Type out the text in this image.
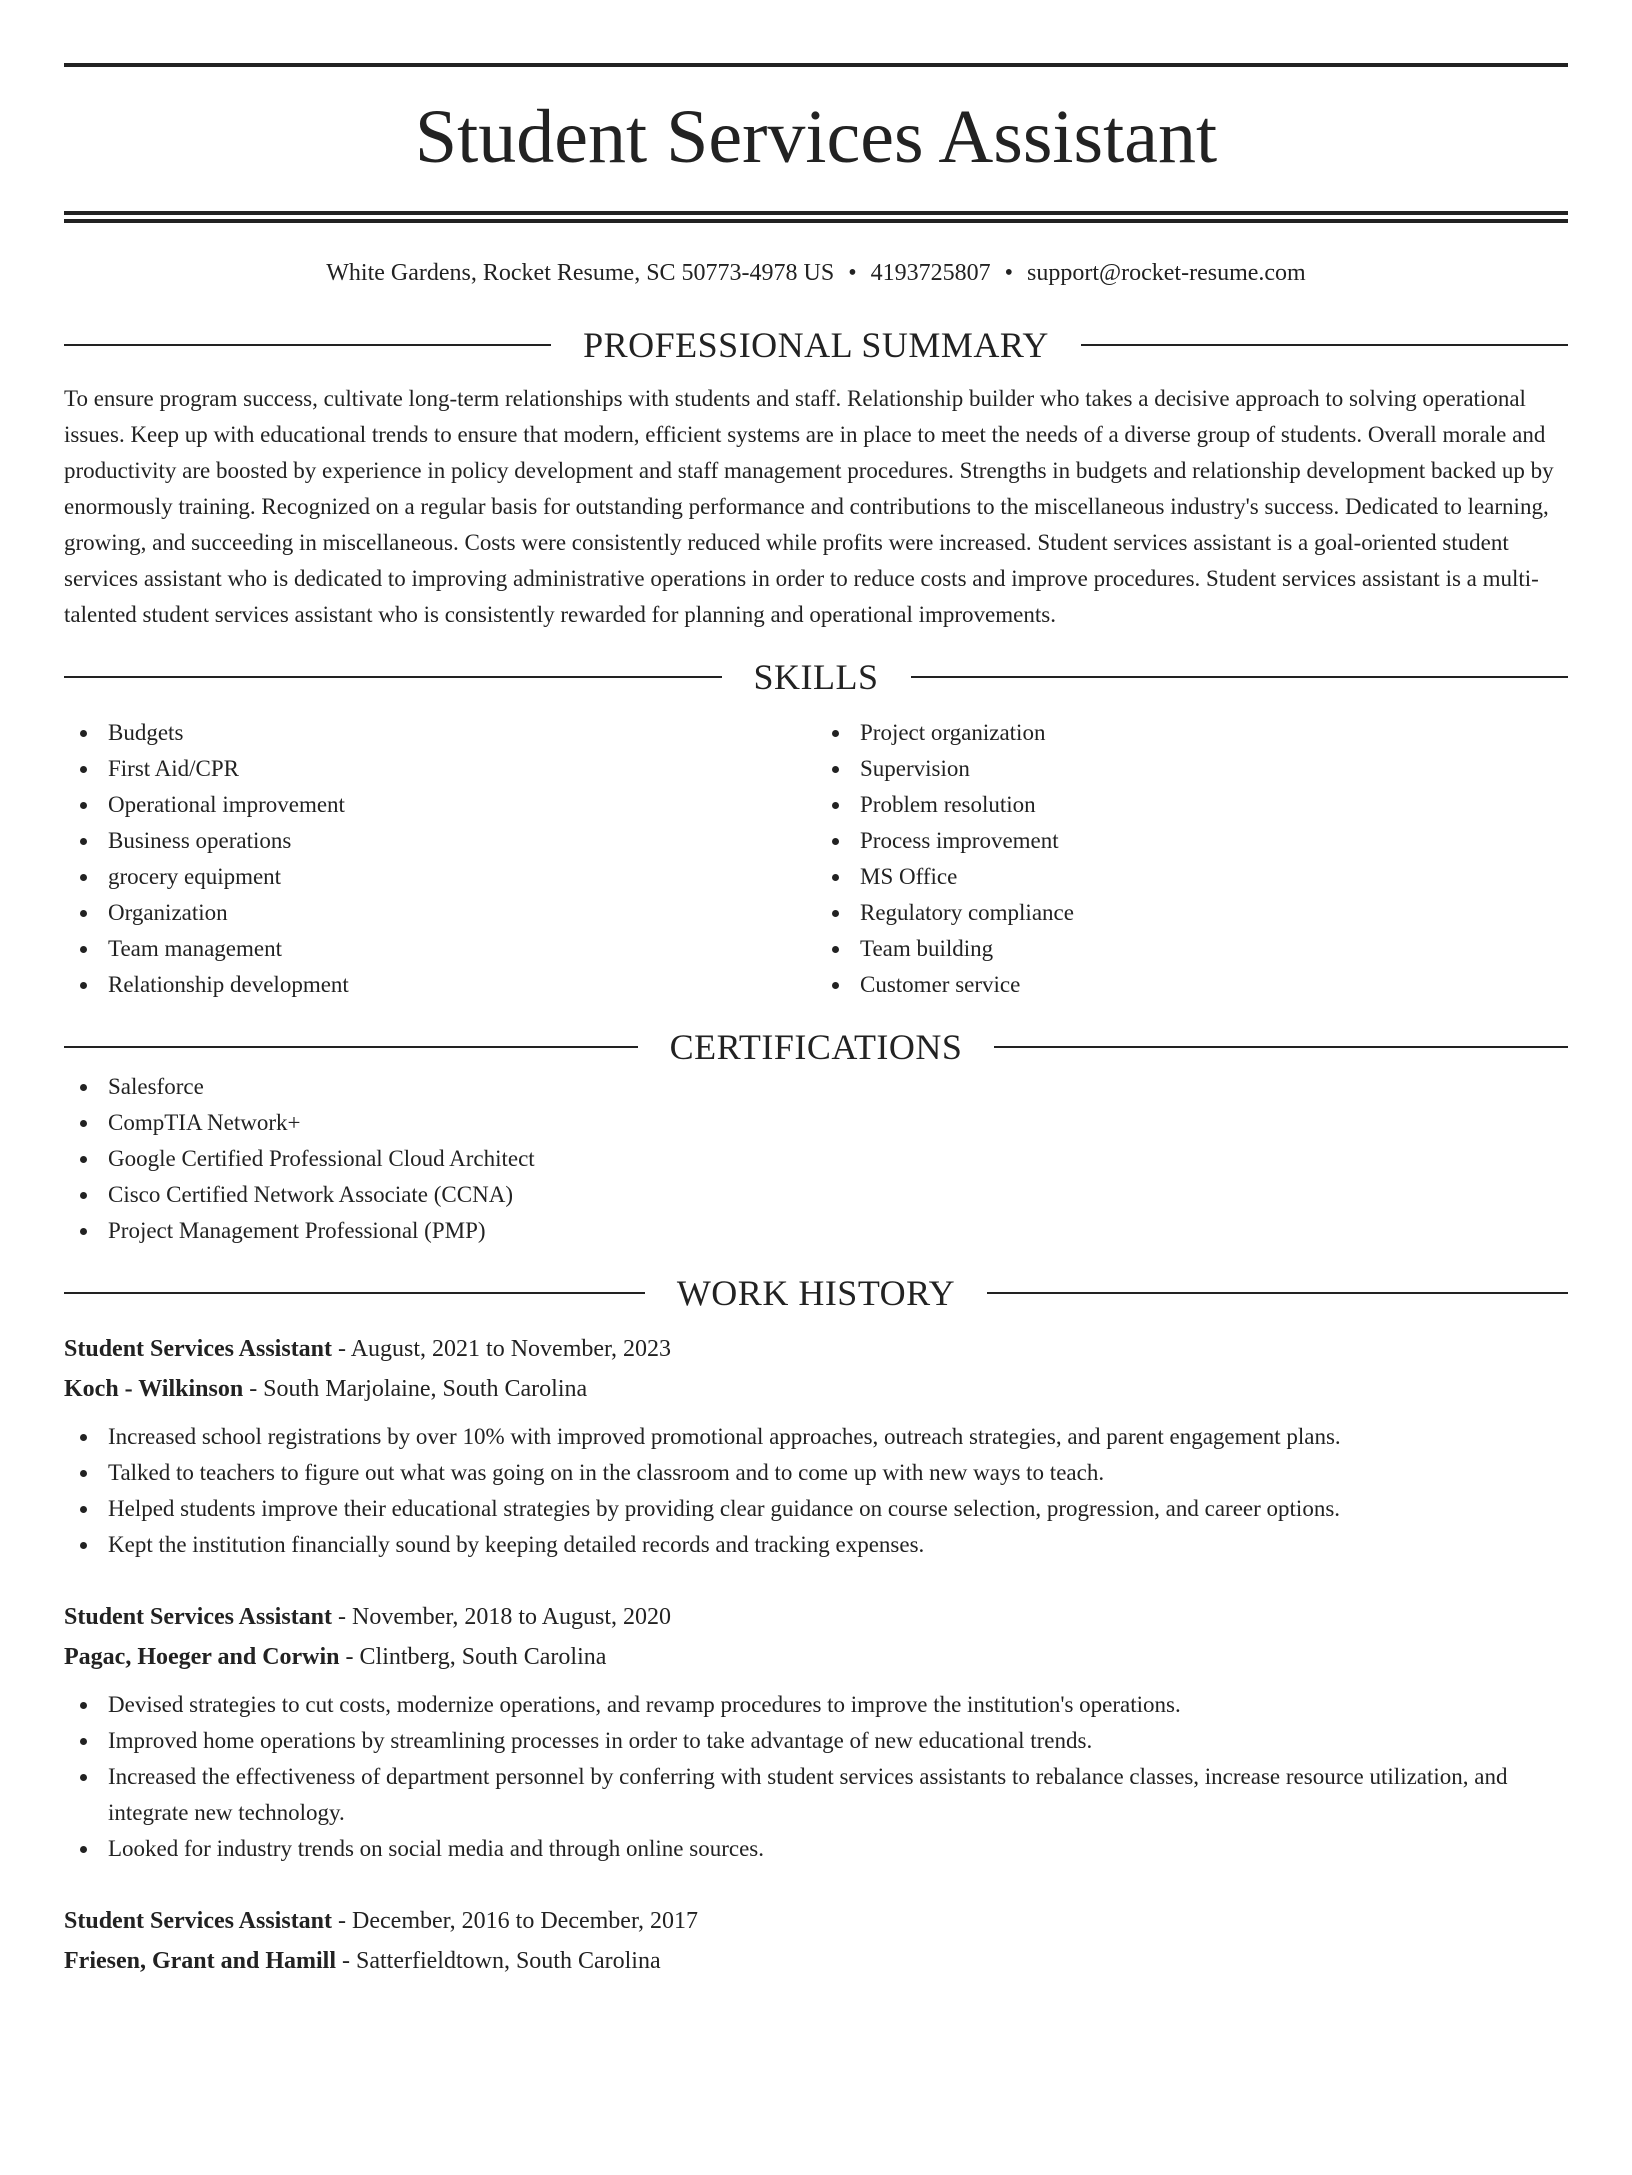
Student Services Assistant
White Gardens, Rocket Resume, SC 50773-4978 US • 4193725807 • support@rocket-resume.com
PROFESSIONAL SUMMARY
To ensure program success, cultivate long-term relationships with students and staff. Relationship builder who takes a decisive approach to solving operational issues. Keep up with educational trends to ensure that modern, efficient systems are in place to meet the needs of a diverse group of students. Overall morale and productivity are boosted by experience in policy development and staff management procedures. Strengths in budgets and relationship development backed up by enormously training. Recognized on a regular basis for outstanding performance and contributions to the miscellaneous industry's success. Dedicated to learning, growing, and succeeding in miscellaneous. Costs were consistently reduced while profits were increased. Student services assistant is a goal-oriented student services assistant who is dedicated to improving administrative operations in order to reduce costs and improve procedures. Student services assistant is a multi-talented student services assistant who is consistently rewarded for planning and operational improvements.
SKILLS
Budgets
First Aid/CPR
Operational improvement
Business operations
grocery equipment
Organization
Team management
Relationship development
Project organization
Supervision
Problem resolution
Process improvement
MS Office
Regulatory compliance
Team building
Customer service
CERTIFICATIONS
Salesforce
CompTIA Network+
Google Certified Professional Cloud Architect
Cisco Certified Network Associate (CCNA)
Project Management Professional (PMP)
WORK HISTORY
Student Services Assistant - August, 2021 to November, 2023
Koch - Wilkinson - South Marjolaine, South Carolina
Increased school registrations by over 10% with improved promotional approaches, outreach strategies, and parent engagement plans.
Talked to teachers to figure out what was going on in the classroom and to come up with new ways to teach.
Helped students improve their educational strategies by providing clear guidance on course selection, progression, and career options.
Kept the institution financially sound by keeping detailed records and tracking expenses.
Student Services Assistant - November, 2018 to August, 2020
Pagac, Hoeger and Corwin - Clintberg, South Carolina
Devised strategies to cut costs, modernize operations, and revamp procedures to improve the institution's operations.
Improved home operations by streamlining processes in order to take advantage of new educational trends.
Increased the effectiveness of department personnel by conferring with student services assistants to rebalance classes, increase resource utilization, and integrate new technology.
Looked for industry trends on social media and through online sources.
Student Services Assistant - December, 2016 to December, 2017
Friesen, Grant and Hamill - Satterfieldtown, South Carolina
